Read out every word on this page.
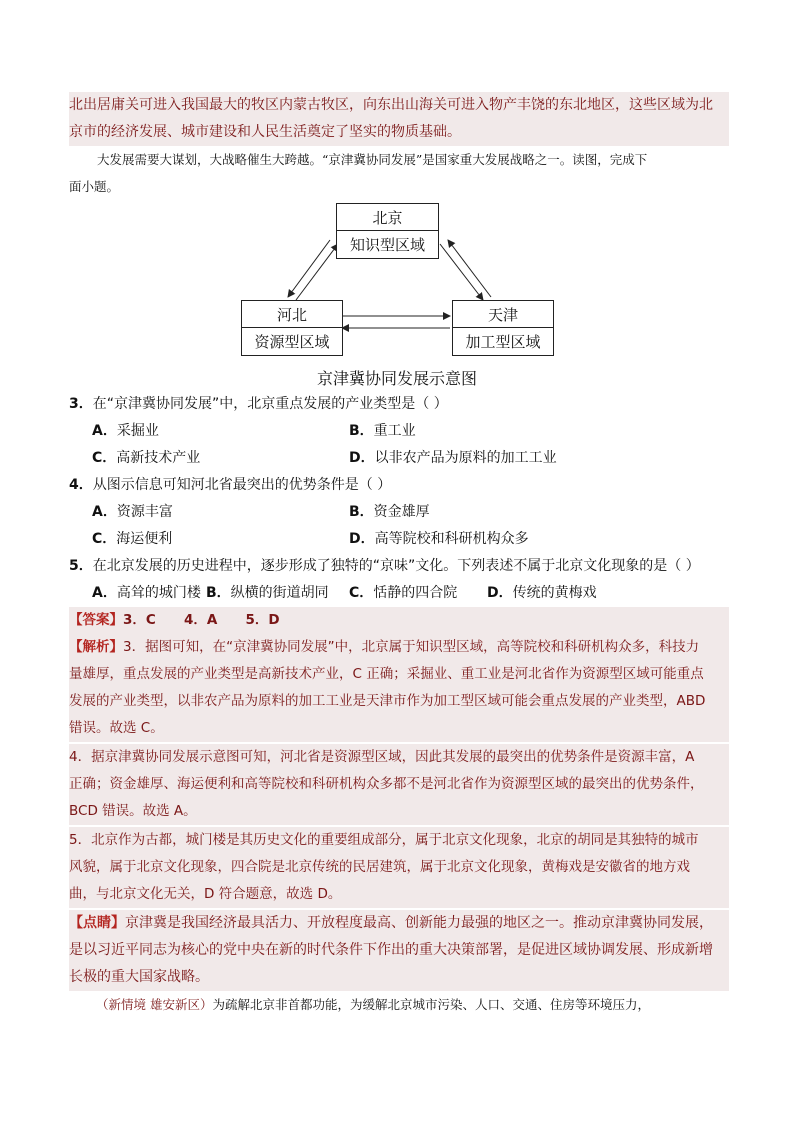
北出居庸关可进入我国最大的牧区内蒙古牧区，向东出山海关可进入物产丰饶的东北地区，这些区域为北
京市的经济发展、城市建设和人民生活奠定了坚实的物质基础。
大发展需要大谋划，大战略催生大跨越。“京津冀协同发展”是国家重大发展战略之一。读图，完成下
面小题。
北京
知识型区域
河北
资源型区域
天津
加工型区域
京津冀协同发展示意图
3．在“京津冀协同发展”中，北京重点发展的产业类型是（ ）
A．采掘业	B．重工业
C．高新技术产业	D．以非农产品为原料的加工工业
4．从图示信息可知河北省最突出的优势条件是（ ）
A．资源丰富	B．资金雄厚
C．海运便利	D．高等院校和科研机构众多
5．在北京发展的历史进程中，逐步形成了独特的“京味”文化。下列表述不属于北京文化现象的是（ ）
A．高耸的城门楼 B．纵横的街道胡同 C．恬静的四合院 D．传统的黄梅戏
【答案】3．C      4．A      5．D
【解析】3．据图可知，在“京津冀协同发展”中，北京属于知识型区域，高等院校和科研机构众多，科技力
量雄厚，重点发展的产业类型是高新技术产业，C 正确；采掘业、重工业是河北省作为资源型区域可能重点
发展的产业类型，以非农产品为原料的加工工业是天津市作为加工型区域可能会重点发展的产业类型，ABD
错误。故选 C。
4．据京津冀协同发展示意图可知，河北省是资源型区域，因此其发展的最突出的优势条件是资源丰富，A
正确；资金雄厚、海运便利和高等院校和科研机构众多都不是河北省作为资源型区域的最突出的优势条件，
BCD 错误。故选 A。
5．北京作为古都，城门楼是其历史文化的重要组成部分，属于北京文化现象，北京的胡同是其独特的城市
风貌，属于北京文化现象，四合院是北京传统的民居建筑，属于北京文化现象，黄梅戏是安徽省的地方戏
曲，与北京文化无关，D 符合题意，故选 D。
【点睛】京津冀是我国经济最具活力、开放程度最高、创新能力最强的地区之一。推动京津冀协同发展，
是以习近平同志为核心的党中央在新的时代条件下作出的重大决策部署，是促进区域协调发展、形成新增
长极的重大国家战略。
（新情境 雄安新区）为疏解北京非首都功能，为缓解北京城市污染、人口、交通、住房等环境压力，
